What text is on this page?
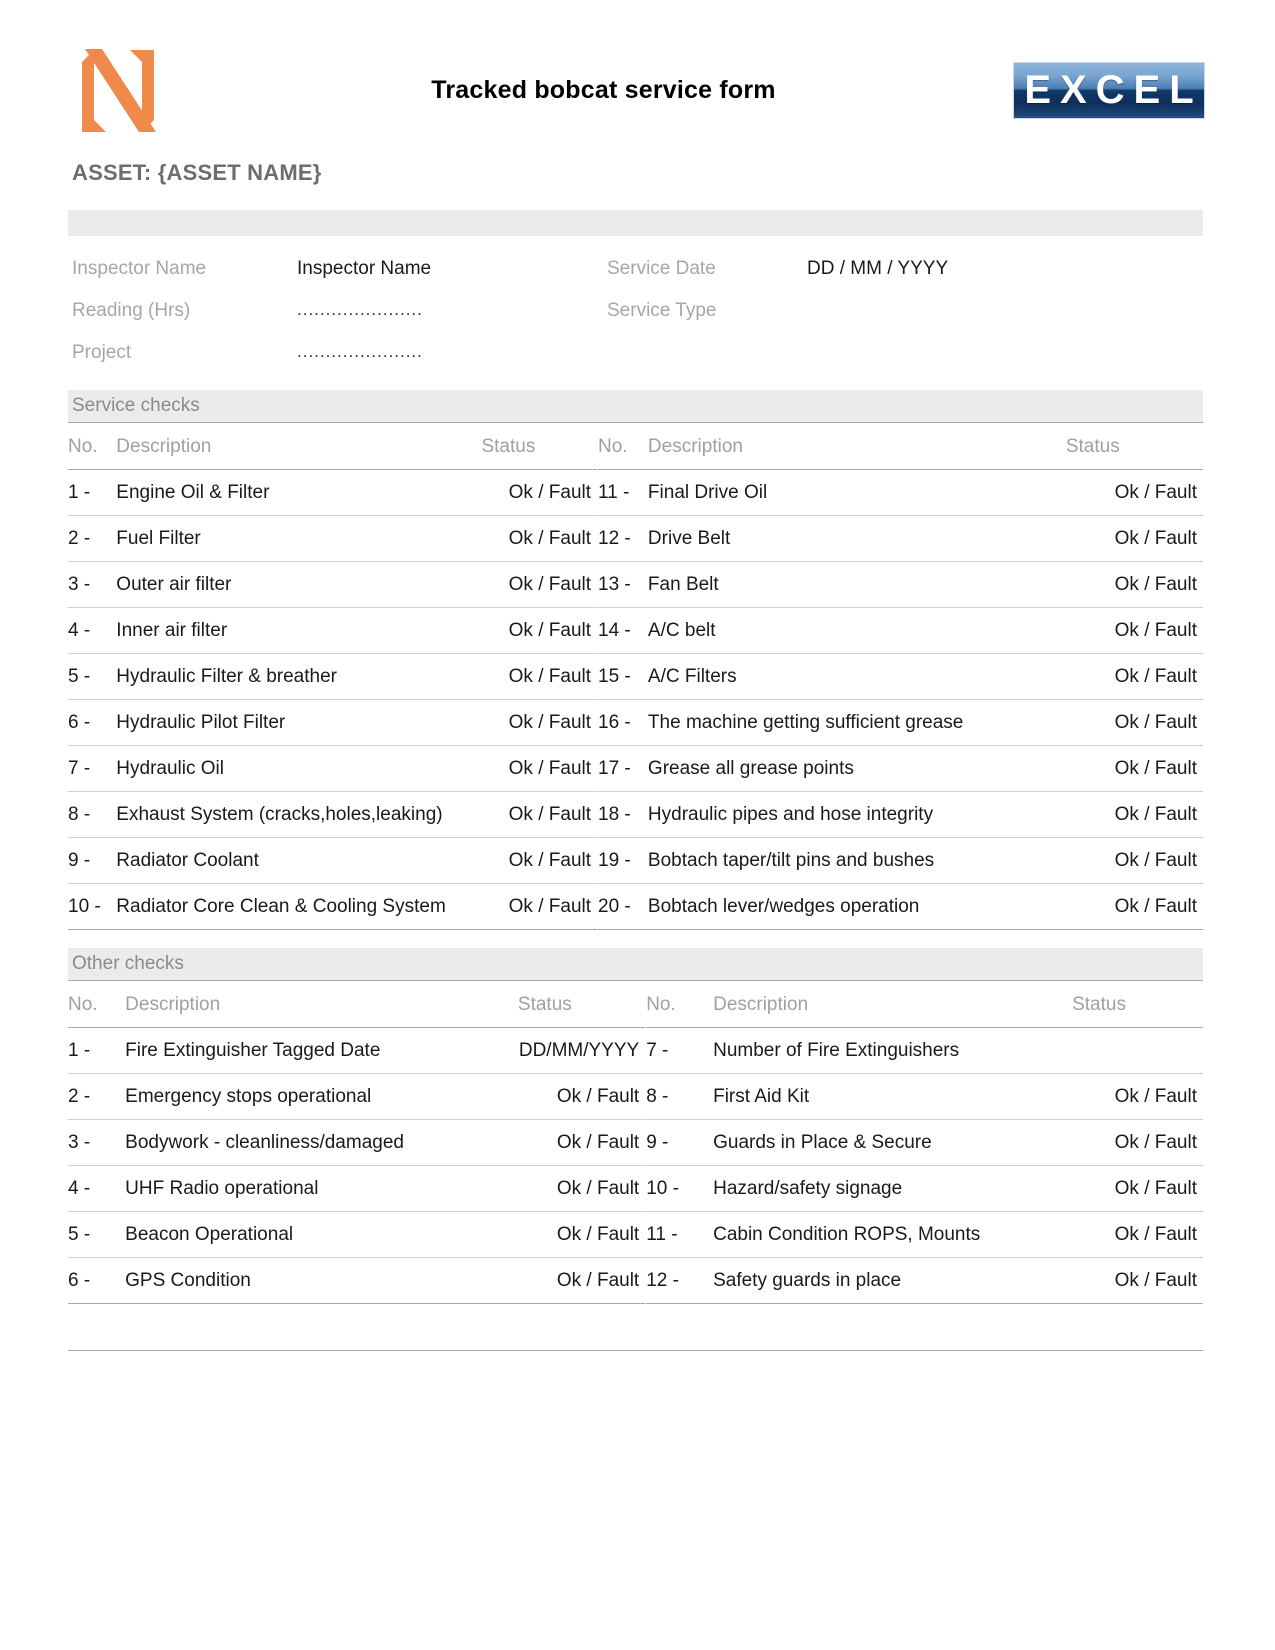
Tracked bobcat service form	EXCEL
ASSET: {ASSET NAME}
Inspector Name	Inspector Name	Service Date	DD / MM / YYYY
Reading (Hrs)	......................	Service Type
Project	......................
Service checks
No.	Description	Status	No.	Description	Status
1 -	Engine Oil & Filter	Ok / Fault	11 -	Final Drive Oil	Ok / Fault
2 -	Fuel Filter	Ok / Fault	12 -	Drive Belt	Ok / Fault
3 -	Outer air filter	Ok / Fault	13 -	Fan Belt	Ok / Fault
4 -	Inner air filter	Ok / Fault	14 -	A/C belt	Ok / Fault
5 -	Hydraulic Filter & breather	Ok / Fault	15 -	A/C Filters	Ok / Fault
6 -	Hydraulic Pilot Filter	Ok / Fault	16 -	The machine getting sufficient grease	Ok / Fault
7 -	Hydraulic Oil	Ok / Fault	17 -	Grease all grease points	Ok / Fault
8 -	Exhaust System (cracks,holes,leaking)	Ok / Fault	18 -	Hydraulic pipes and hose integrity	Ok / Fault
9 -	Radiator Coolant	Ok / Fault	19 -	Bobtach taper/tilt pins and bushes	Ok / Fault
10 -	Radiator Core Clean & Cooling System	Ok / Fault	20 -	Bobtach lever/wedges operation	Ok / Fault
Other checks
No.	Description	Status	No.	Description	Status
1 -	Fire Extinguisher Tagged Date	DD/MM/YYYY	7 -	Number of Fire Extinguishers	
2 -	Emergency stops operational	Ok / Fault	8 -	First Aid Kit	Ok / Fault
3 -	Bodywork - cleanliness/damaged	Ok / Fault	9 -	Guards in Place & Secure	Ok / Fault
4 -	UHF Radio operational	Ok / Fault	10 -	Hazard/safety signage	Ok / Fault
5 -	Beacon Operational	Ok / Fault	11 -	Cabin Condition ROPS, Mounts	Ok / Fault
6 -	GPS Condition	Ok / Fault	12 -	Safety guards in place	Ok / Fault
